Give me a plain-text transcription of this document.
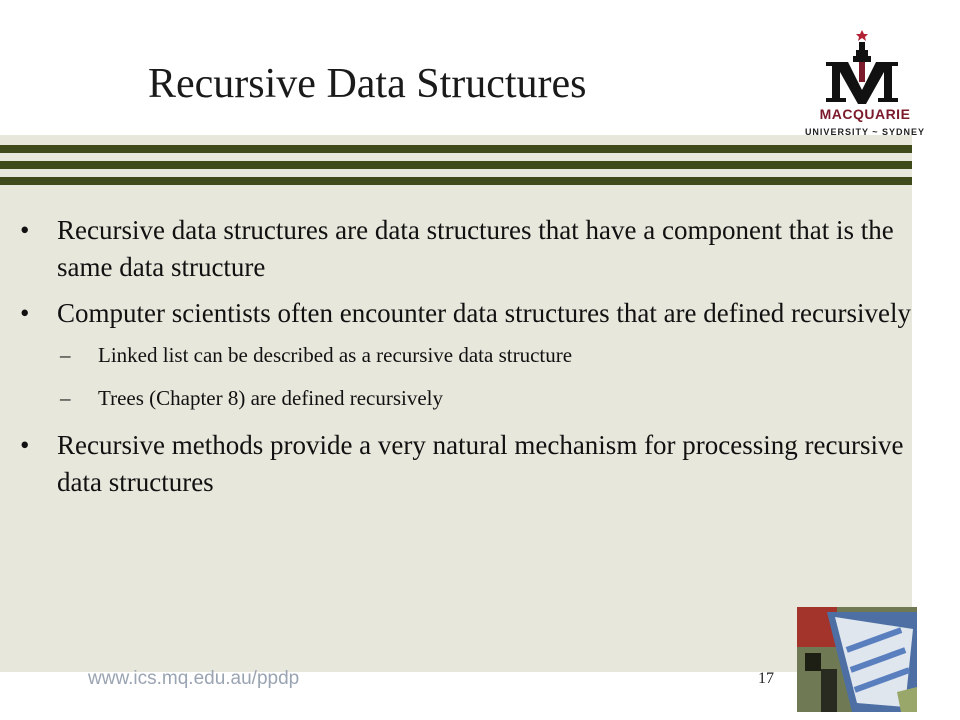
Recursive Data Structures
MACQUARIE
UNIVERSITY ~ SYDNEY
• Recursive data structures are data structures that have a component that is the same data structure
• Computer scientists often encounter data structures that are defined recursively
– Linked list can be described as a recursive data structure
– Trees (Chapter 8) are defined recursively
• Recursive methods provide a very natural mechanism for processing recursive data structures
www.ics.mq.edu.au/ppdp	17
